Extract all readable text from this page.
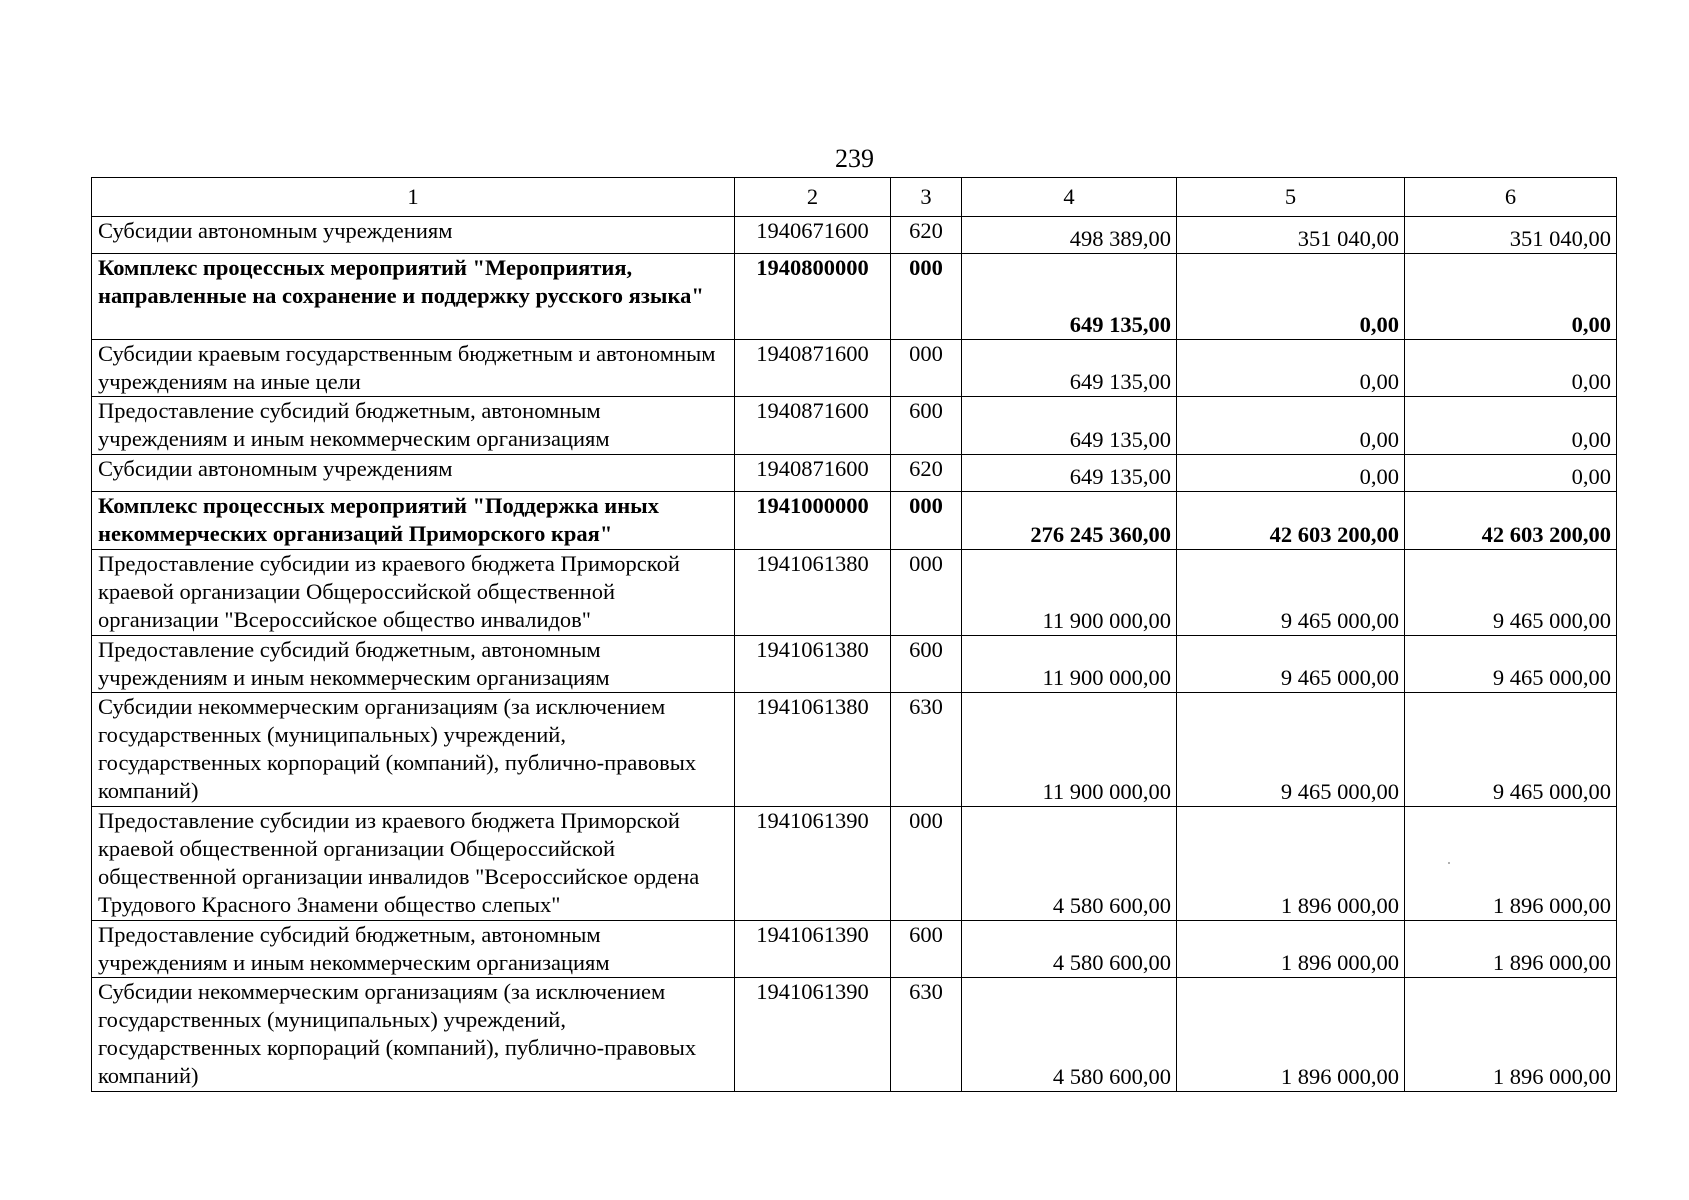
239
1	2	3	4	5	6
Субсидии автономным учреждениям	1940671600	620	498 389,00	351 040,00	351 040,00
Комплекс процессных мероприятий "Мероприятия, направленные на сохранение и поддержку русского языка"	1940800000	000	649 135,00	0,00	0,00
Субсидии краевым государственным бюджетным и автономным учреждениям на иные цели	1940871600	000	649 135,00	0,00	0,00
Предоставление субсидий бюджетным, автономным учреждениям и иным некоммерческим организациям	1940871600	600	649 135,00	0,00	0,00
Субсидии автономным учреждениям	1940871600	620	649 135,00	0,00	0,00
Комплекс процессных мероприятий "Поддержка иных некоммерческих организаций Приморского края"	1941000000	000	276 245 360,00	42 603 200,00	42 603 200,00
Предоставление субсидии из краевого бюджета Приморской краевой организации Общероссийской общественной организации "Всероссийское общество инвалидов"	1941061380	000	11 900 000,00	9 465 000,00	9 465 000,00
Предоставление субсидий бюджетным, автономным учреждениям и иным некоммерческим организациям	1941061380	600	11 900 000,00	9 465 000,00	9 465 000,00
Субсидии некоммерческим организациям (за исключением государственных (муниципальных) учреждений, государственных корпораций (компаний), публично-правовых компаний)	1941061380	630	11 900 000,00	9 465 000,00	9 465 000,00
Предоставление субсидии из краевого бюджета Приморской краевой общественной организации Общероссийской общественной организации инвалидов "Всероссийское ордена Трудового Красного Знамени общество слепых"	1941061390	000	4 580 600,00	1 896 000,00	1 896 000,00
Предоставление субсидий бюджетным, автономным учреждениям и иным некоммерческим организациям	1941061390	600	4 580 600,00	1 896 000,00	1 896 000,00
Субсидии некоммерческим организациям (за исключением государственных (муниципальных) учреждений, государственных корпораций (компаний), публично-правовых компаний)	1941061390	630	4 580 600,00	1 896 000,00	1 896 000,00
